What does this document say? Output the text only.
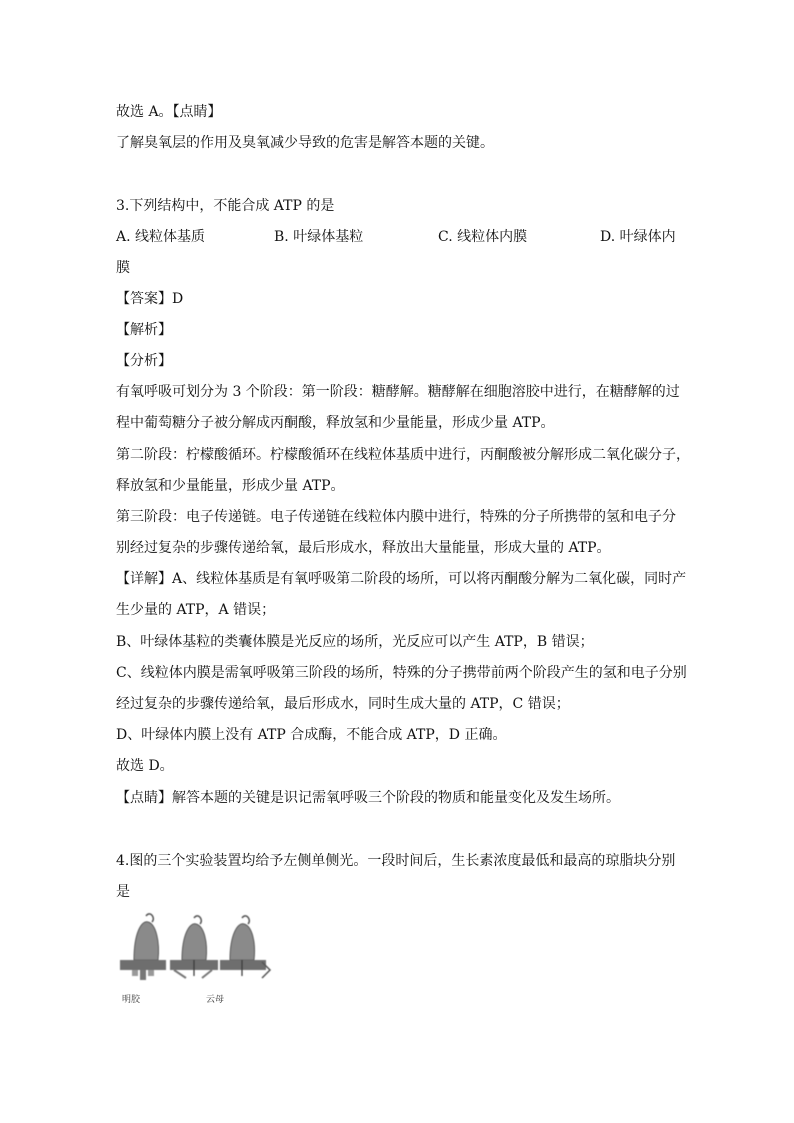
故选 A。【点睛】
了解臭氧层的作用及臭氧减少导致的危害是解答本题的关键。
3.下列结构中，不能合成 ATP 的是
A. 线粒体基质	B. 叶绿体基粒	C. 线粒体内膜	D. 叶绿体内
膜
【答案】D
【解析】
【分析】
有氧呼吸可划分为 3 个阶段：第一阶段：糖酵解。糖酵解在细胞溶胶中进行，在糖酵解的过
程中葡萄糖分子被分解成丙酮酸，释放氢和少量能量，形成少量 ATP。
第二阶段：柠檬酸循环。柠檬酸循环在线粒体基质中进行，丙酮酸被分解形成二氧化碳分子，
释放氢和少量能量，形成少量 ATP。
第三阶段：电子传递链。电子传递链在线粒体内膜中进行，特殊的分子所携带的氢和电子分
别经过复杂的步骤传递给氧，最后形成水，释放出大量能量，形成大量的 ATP。
【详解】A、线粒体基质是有氧呼吸第二阶段的场所，可以将丙酮酸分解为二氧化碳，同时产
生少量的 ATP，A 错误；
B、叶绿体基粒的类囊体膜是光反应的场所，光反应可以产生 ATP，B 错误；
C、线粒体内膜是需氧呼吸第三阶段的场所，特殊的分子携带前两个阶段产生的氢和电子分别
经过复杂的步骤传递给氧，最后形成水，同时生成大量的 ATP，C 错误；
D、叶绿体内膜上没有 ATP 合成酶，不能合成 ATP，D 正确。
故选 D。
【点睛】解答本题的关键是识记需氧呼吸三个阶段的物质和能量变化及发生场所。
4.图的三个实验装置均给予左侧单侧光。一段时间后，生长素浓度最低和最高的琼脂块分别
是
明胶	云母
